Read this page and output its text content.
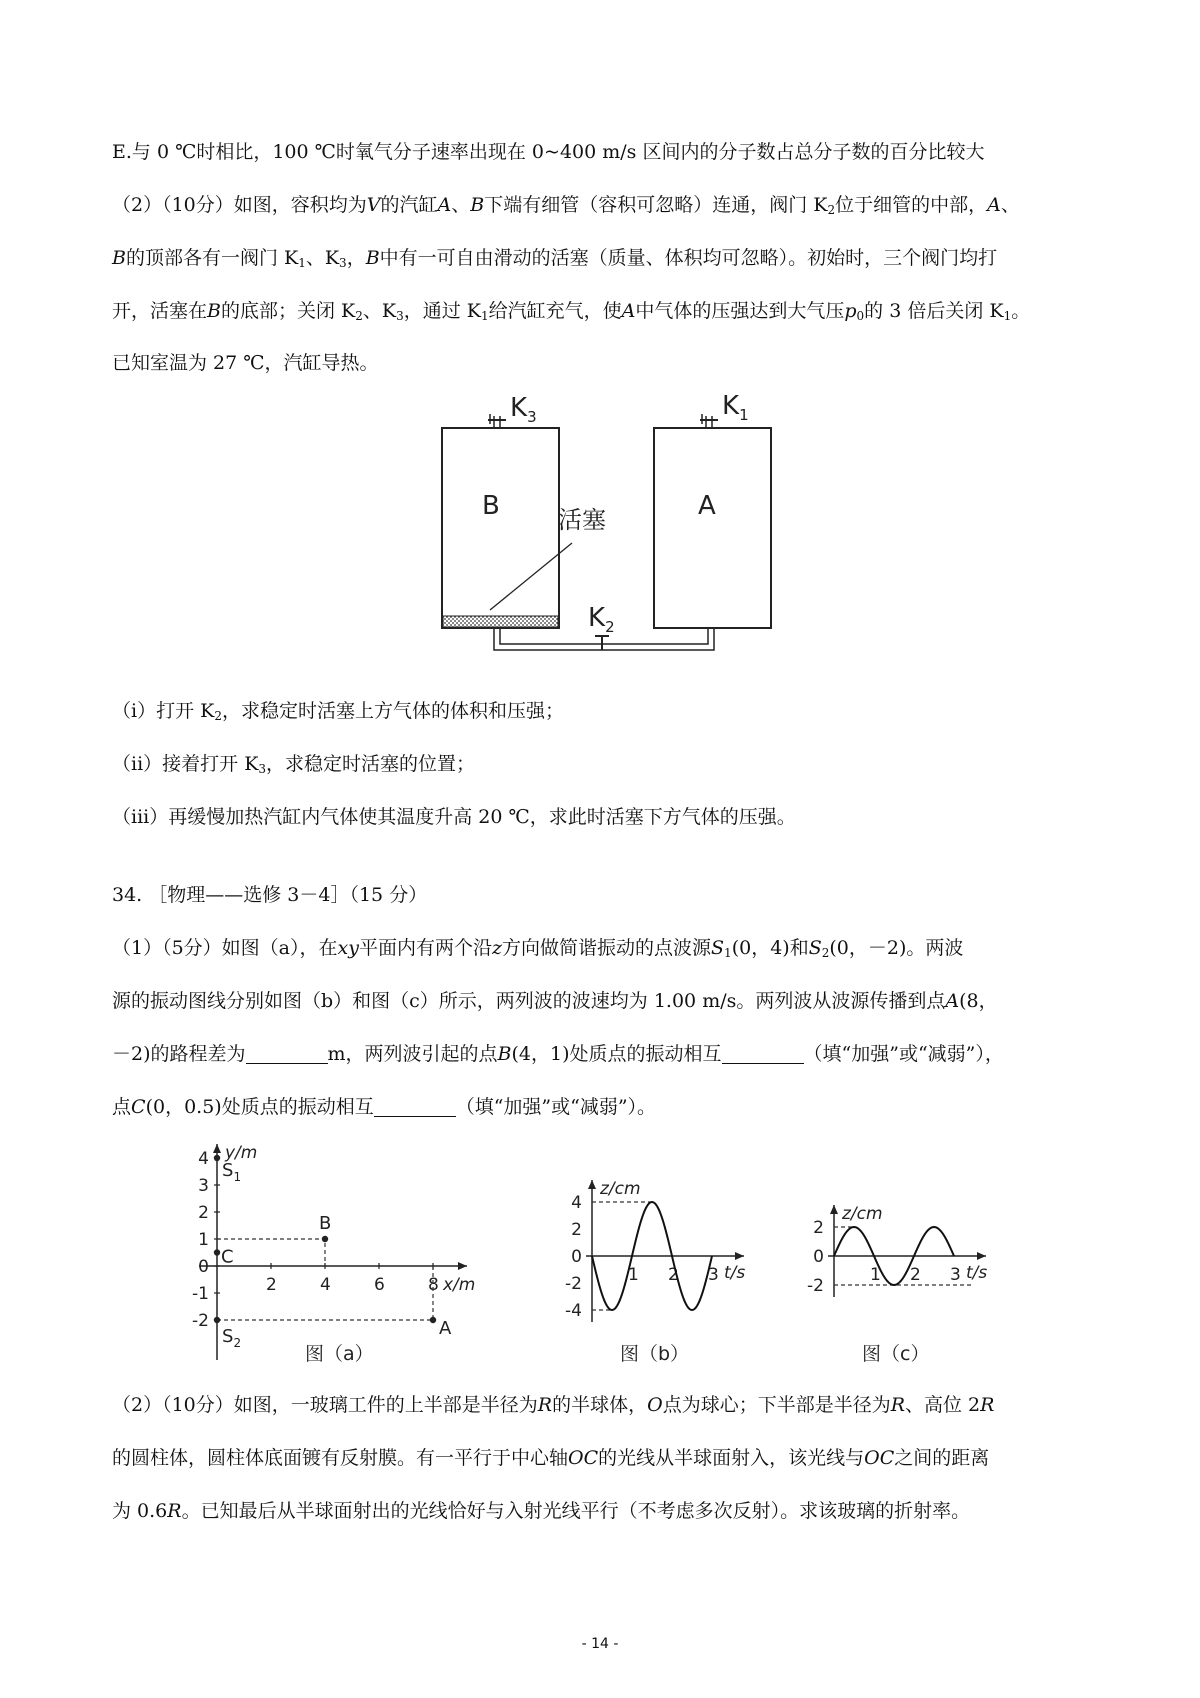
E.与 0 ℃时相比，100 ℃时氧气分子速率出现在 0~400 m/s 区间内的分子数占总分子数的百分比较大
（2）（10分）如图，容积均为V的汽缸A、B下端有细管（容积可忽略）连通，阀门 $K_2$位于细管的中部，A、
B的顶部各有一阀门 $K_1$、$K_3$，B中有一可自由滑动的活塞（质量、体积均可忽略）。初始时，三个阀门均打
开，活塞在B的底部；关闭 $K_2$、$K_3$，通过 $K_1$给汽缸充气，使A中气体的压强达到大气压$p_0$的 3 倍后关闭 $K_1$。
已知室温为 27 ℃，汽缸导热。
B	A
活塞
$K_3$	$K_1$
$K_2$
（i）打开 $K_2$，求稳定时活塞上方气体的体积和压强；
（ii）接着打开 $K_3$，求稳定时活塞的位置；
（iii）再缓慢加热汽缸内气体使其温度升高 20 ℃，求此时活塞下方气体的压强。
34. ［物理——选修 3－4］（15 分）
（1）（5分）如图（a），在xy平面内有两个沿z方向做简谐振动的点波源$S_1(0$，4)和$S_2(0$，－2)。两波
源的振动图线分别如图（b）和图（c）所示，两列波的波速均为 1.00 m/s。两列波从波源传播到点A(8，
－2)的路程差为	m，两列波引起的点B(4，1)处质点的振动相互	（填“加强”或“减弱”），
点C(0，0.5)处质点的振动相互	（填“加强”或“减弱”）。
y/m
x/m
4
3
2
1
0
-1
-2
2	4	6	8
$S_1$
$S_2$
B
C
A
图（a）
z/cm
t/s
4
2
0
-2
-4
1 2 3
图（b）
z/cm
t/s
2
0
-2
1 2 3
图（c）
（2）（10分）如图，一玻璃工件的上半部是半径为R的半球体，O点为球心；下半部是半径为R、高位 2R
的圆柱体，圆柱体底面镀有反射膜。有一平行于中心轴OC的光线从半球面射入，该光线与OC之间的距离
为 0.6R。已知最后从半球面射出的光线恰好与入射光线平行（不考虑多次反射）。求该玻璃的折射率。
- 14 -
